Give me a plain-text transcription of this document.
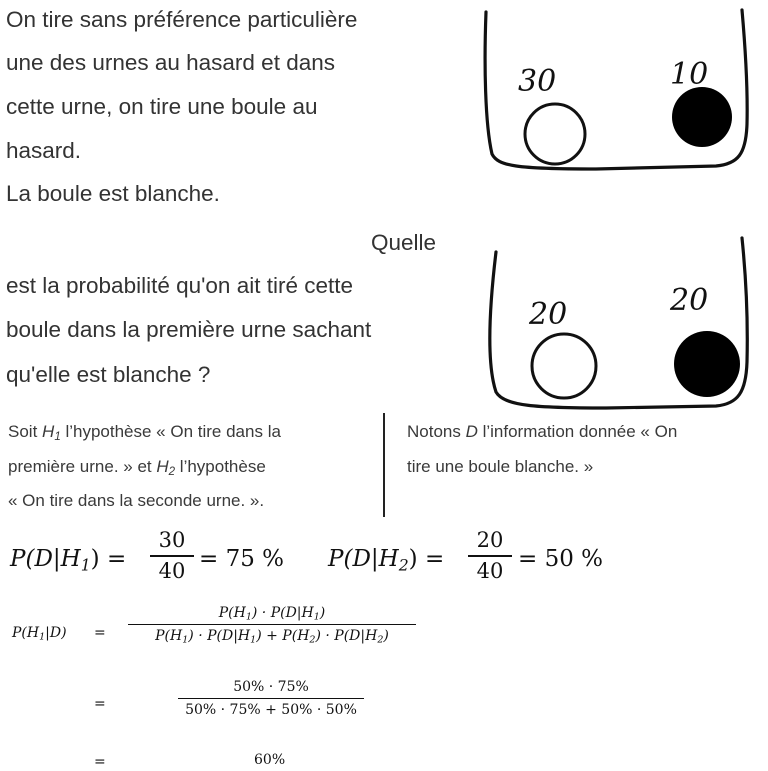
On tire sans préférence particulière
une des urnes au hasard et dans
cette urne, on tire une boule au
hasard.
La boule est blanche.
Quelle
est la probabilité qu'on ait tiré cette
boule dans la première urne sachant
qu'elle est blanche ?
30	10
20	20
Soit $H_1$ l’hypothèse « On tire dans la
première urne. » et $H_2$ l’hypothèse
« On tire dans la seconde urne. ».
Notons D l’information donnée « On
tire une boule blanche. »
$P(D|H_1)$ =
30
40 = 75 % $P(D|H_2)$ =
20
40 = 50 %
$P(H_1|D)$ =
$P(H_1) \cdot P(D|H_1)$
$P(H_1) \cdot P(D|H_1) + P(H_2) \cdot P(D|H_2)$
=
50% · 75%
50% · 75% + 50% · 50%
=	60%
